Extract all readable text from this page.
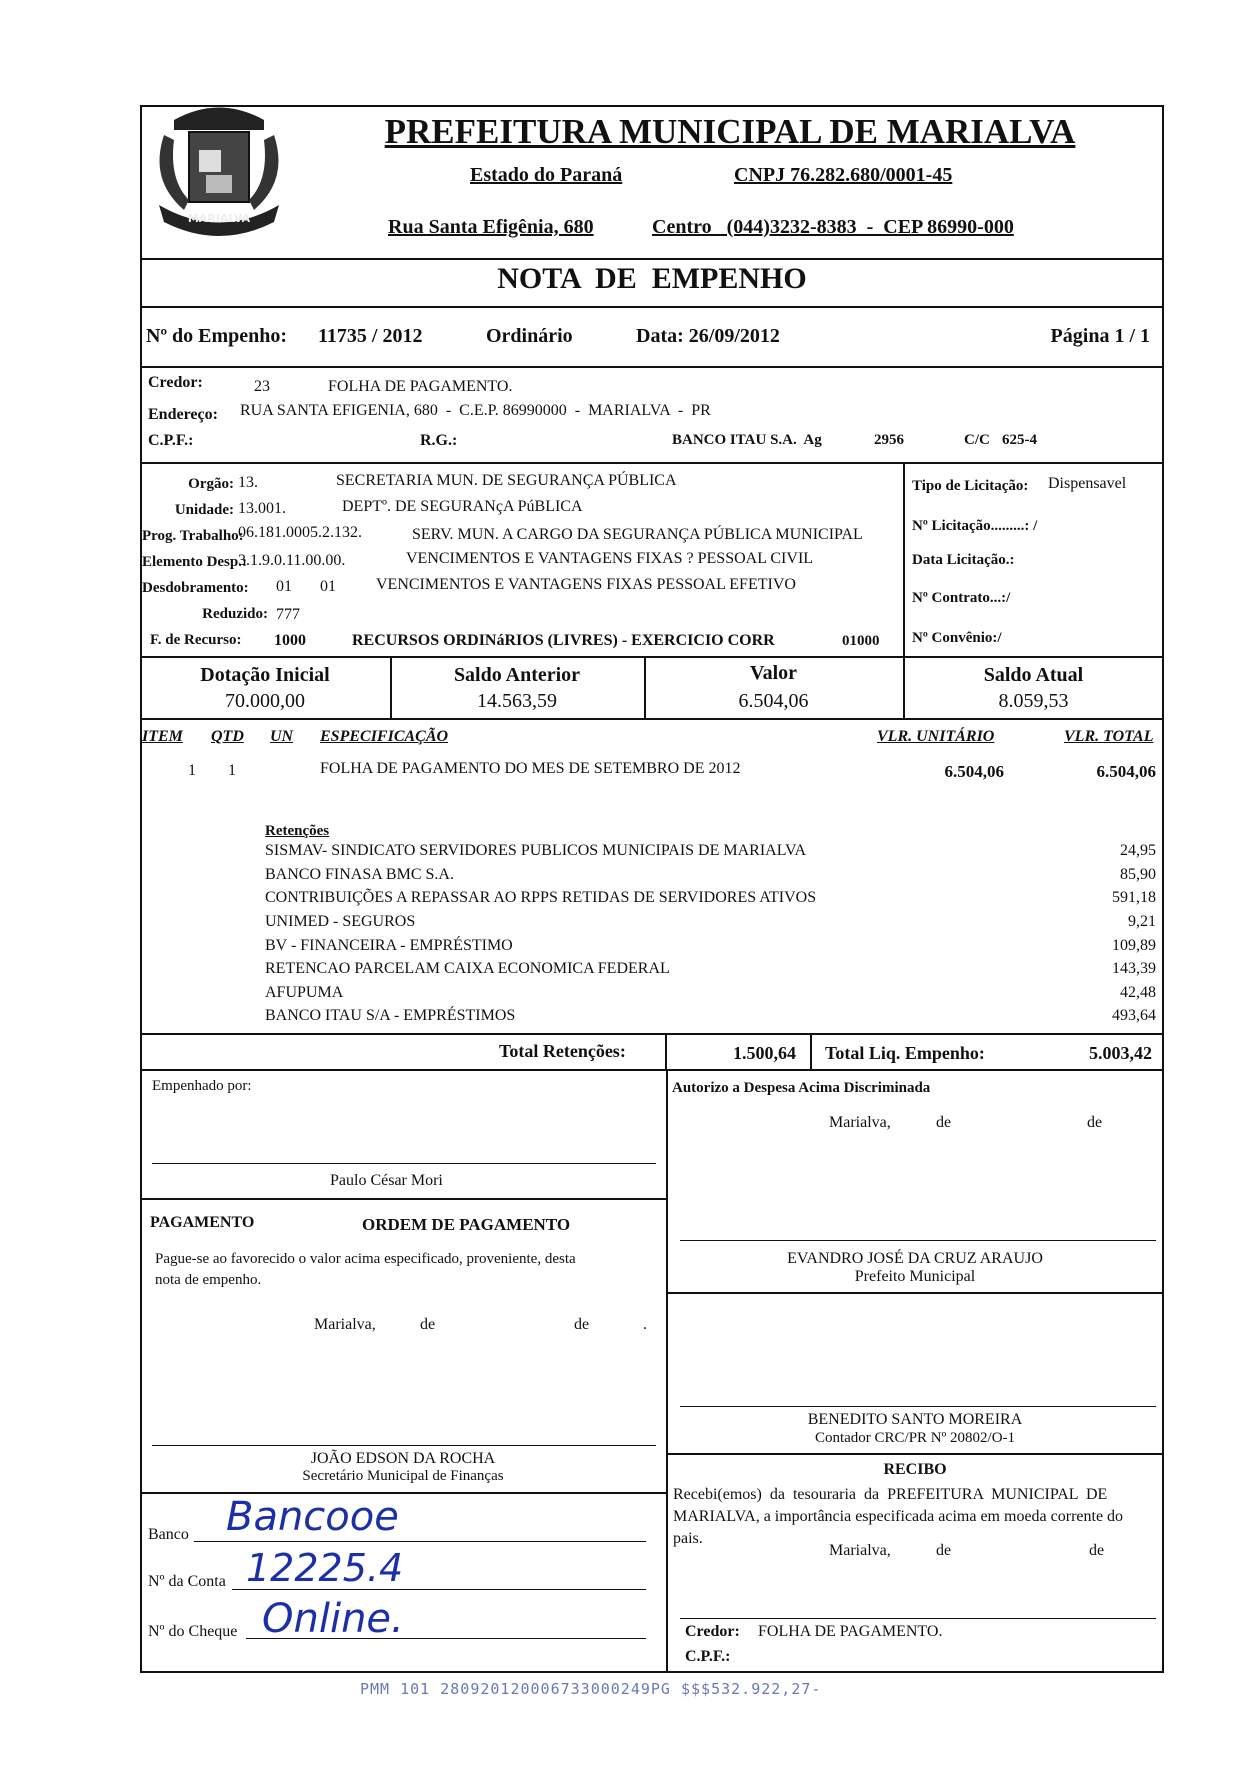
MARIALVA
PREFEITURA MUNICIPAL DE MARIALVA
Estado do Paraná	CNPJ 76.282.680/0001-45
Rua Santa Efigênia, 680	Centro   (044)3232-8383  -  CEP 86990-000
NOTA  DE  EMPENHO
Nº do Empenho: 11735 / 2012	Ordinário	Data: 26/09/2012	Página 1 / 1
Credor:	23	FOLHA DE PAGAMENTO.
Endereço: RUA SANTA EFIGENIA, 680  -  C.E.P. 86990000  -  MARIALVA  -  PR
C.P.F.:	R.G.:	BANCO ITAU S.A.  Ag	2956	C/C 625-4
Orgão: 13.	SECRETARIA MUN. DE SEGURANÇA PÚBLICA
Unidade: 13.001.	DEPTº. DE SEGURANçA PúBLICA
Prog. Trabalho:
06.181.0005.2.132.	SERV. MUN. A CARGO DA SEGURANÇA PÚBLICA MUNICIPAL
Elemento Desp.:
3.1.9.0.11.00.00.	VENCIMENTOS E VANTAGENS FIXAS ? PESSOAL CIVIL
Desdobramento: 01 01	VENCIMENTOS E VANTAGENS FIXAS PESSOAL EFETIVO
Reduzido: 777
F. de Recurso: 1000	RECURSOS ORDINáRIOS (LIVRES) - EXERCICIO CORR	01000
Tipo de Licitação: Dispensavel
Nº Licitação.........: /
Data Licitação.:
Nº Contrato...:/
Nº Convênio:/
Dotação Inicial
70.000,00
Saldo Anterior
14.563,59
Valor
6.504,06
Saldo Atual
8.059,53
ITEM QTD UN ESPECIFICAÇÃO	VLR. UNITÁRIO	VLR. TOTAL
1 1	FOLHA DE PAGAMENTO DO MES DE SETEMBRO DE 2012	6.504,06	6.504,06
Retenções
SISMAV- SINDICATO SERVIDORES PUBLICOS MUNICIPAIS DE MARIALVA	24,95
BANCO FINASA BMC S.A.	85,90
CONTRIBUIÇÕES A REPASSAR AO RPPS RETIDAS DE SERVIDORES ATIVOS	591,18
UNIMED - SEGUROS	9,21
BV - FINANCEIRA - EMPRÉSTIMO	109,89
RETENCAO PARCELAM CAIXA ECONOMICA FEDERAL	143,39
AFUPUMA	42,48
BANCO ITAU S/A - EMPRÉSTIMOS	493,64
Total Retenções:	1.500,64 Total Liq. Empenho:	5.003,42
Empenhado por:
Paulo César Mori
Autorizo a Despesa Acima Discriminada
Marialva,	de	de
EVANDRO JOSÉ DA CRUZ ARAUJO
Prefeito Municipal
PAGAMENTO	ORDEM DE PAGAMENTO
Pague-se ao favorecido o valor acima especificado, proveniente, desta
nota de empenho.
Marialva,	de	de	.
BENEDITO SANTO MOREIRA
Contador CRC/PR Nº 20802/O-1
JOÃO EDSON DA ROCHA
Secretário Municipal de Finanças	RECIBO
Recebi(emos)  da  tesouraria  da  PREFEITURA  MUNICIPAL  DE
MARIALVA, a importância especificada acima em moeda corrente do
pais.
Marialva,	de	de
Credor: FOLHA DE PAGAMENTO.
C.P.F.:
Banco Bancooe
Nº da Conta 12225.4
Nº do Cheque Online.
PMM 101 280920120006733000249PG $$$532.922,27-
